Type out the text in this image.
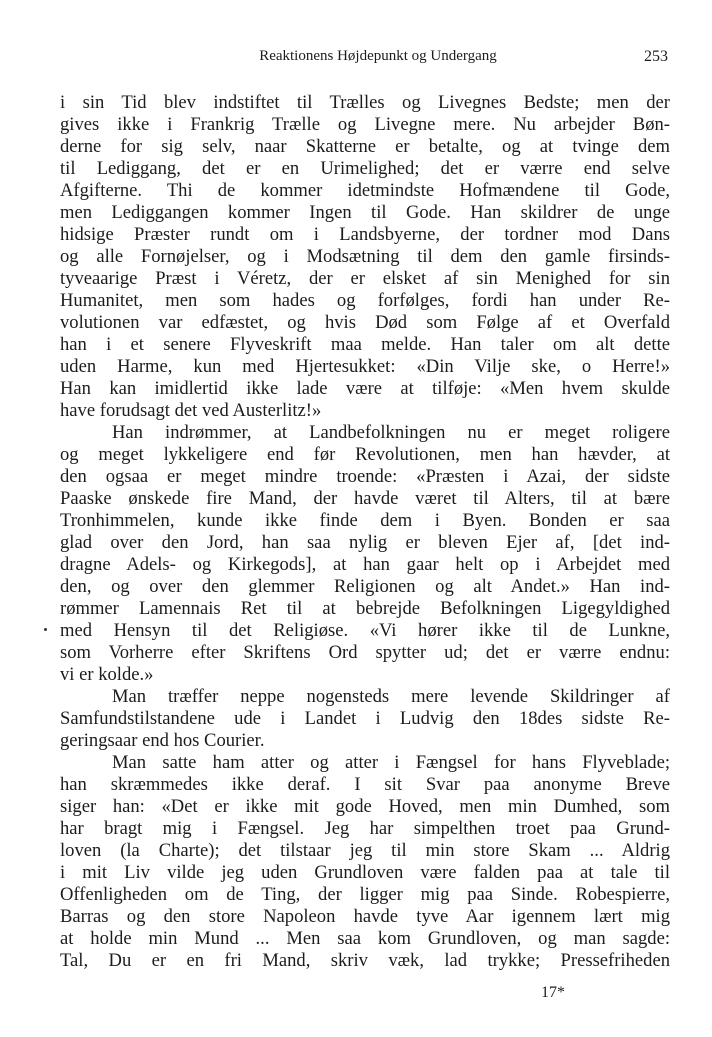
Reaktionens Højdepunkt og Undergang	253
i sin Tid blev indstiftet til Trælles og Livegnes Bedste; men der
gives ikke i Frankrig Trælle og Livegne mere. Nu arbejder Bøn-
derne for sig selv, naar Skatterne er betalte, og at tvinge dem
til Lediggang, det er en Urimelighed; det er værre end selve
Afgifterne. Thi de kommer idetmindste Hofmændene til Gode,
men Lediggangen kommer Ingen til Gode. Han skildrer de unge
hidsige Præster rundt om i Landsbyerne, der tordner mod Dans
og alle Fornøjelser, og i Modsætning til dem den gamle firsinds-
tyveaarige Præst i Véretz, der er elsket af sin Menighed for sin
Humanitet, men som hades og forfølges, fordi han under Re-
volutionen var edfæstet, og hvis Død som Følge af et Overfald
han i et senere Flyveskrift maa melde. Han taler om alt dette
uden Harme, kun med Hjertesukket: «Din Vilje ske, o Herre!»
Han kan imidlertid ikke lade være at tilføje: «Men hvem skulde
have forudsagt det ved Austerlitz!»
Han indrømmer, at Landbefolkningen nu er meget roligere
og meget lykkeligere end før Revolutionen, men han hævder, at
den ogsaa er meget mindre troende: «Præsten i Azai, der sidste
Paaske ønskede fire Mand, der havde været til Alters, til at bære
Tronhimmelen, kunde ikke finde dem i Byen. Bonden er saa
glad over den Jord, han saa nylig er bleven Ejer af, [det ind-
dragne Adels- og Kirkegods], at han gaar helt op i Arbejdet med
den, og over den glemmer Religionen og alt Andet.» Han ind-
rømmer Lamennais Ret til at bebrejde Befolkningen Ligegyldighed
med Hensyn til det Religiøse. «Vi hører ikke til de Lunkne,
som Vorherre efter Skriftens Ord spytter ud; det er værre endnu:
vi er kolde.»
Man træffer neppe nogensteds mere levende Skildringer af
Samfundstilstandene ude i Landet i Ludvig den 18des sidste Re-
geringsaar end hos Courier.
Man satte ham atter og atter i Fængsel for hans Flyveblade;
han skræmmedes ikke deraf. I sit Svar paa anonyme Breve
siger han: «Det er ikke mit gode Hoved, men min Dumhed, som
har bragt mig i Fængsel. Jeg har simpelthen troet paa Grund-
loven (la Charte); det tilstaar jeg til min store Skam ... Aldrig
i mit Liv vilde jeg uden Grundloven være falden paa at tale til
Offenligheden om de Ting, der ligger mig paa Sinde. Robespierre,
Barras og den store Napoleon havde tyve Aar igennem lært mig
at holde min Mund ... Men saa kom Grundloven, og man sagde:
Tal, Du er en fri Mand, skriv væk, lad trykke; Pressefriheden
17*
